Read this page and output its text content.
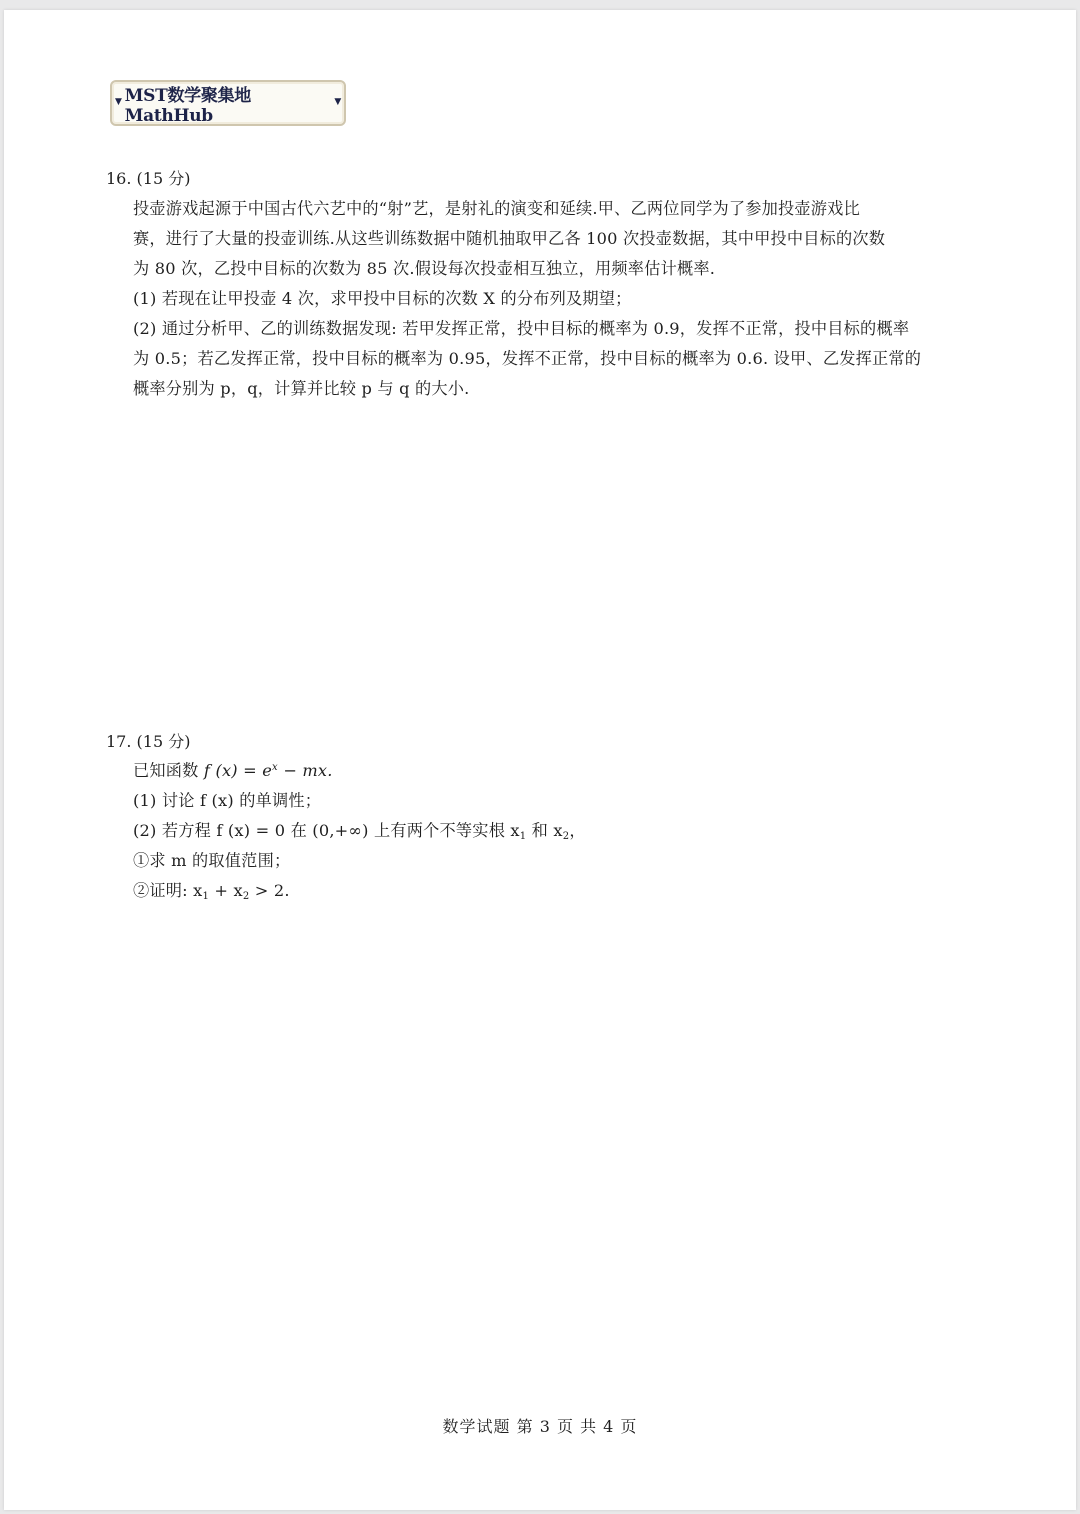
▼ MST数学聚集地MathHub
▼
16. (15 分)
投壶游戏起源于中国古代六艺中的“射”艺，是射礼的演变和延续.甲、乙两位同学为了参加投壶游戏比
赛，进行了大量的投壶训练.从这些训练数据中随机抽取甲乙各 100 次投壶数据，其中甲投中目标的次数
为 80 次，乙投中目标的次数为 85 次.假设每次投壶相互独立，用频率估计概率.
(1) 若现在让甲投壶 4 次，求甲投中目标的次数 X 的分布列及期望；
(2) 通过分析甲、乙的训练数据发现: 若甲发挥正常，投中目标的概率为 0.9，发挥不正常，投中目标的概率
为 0.5；若乙发挥正常，投中目标的概率为 0.95，发挥不正常，投中目标的概率为 0.6. 设甲、乙发挥正常的
概率分别为 p，q，计算并比较 p 与 q 的大小.
17. (15 分)
已知函数 f $(x) = e^x$ − mx.
(1) 讨论 f (x) 的单调性；
(2) 若方程 f (x) = 0 在 (0,+∞) 上有两个不等实根 $x_1$ 和 $x_2$，
①求 m 的取值范围；
②证明: $x_1 + x_2 > 2$.
数学试题 第 3 页 共 4 页
